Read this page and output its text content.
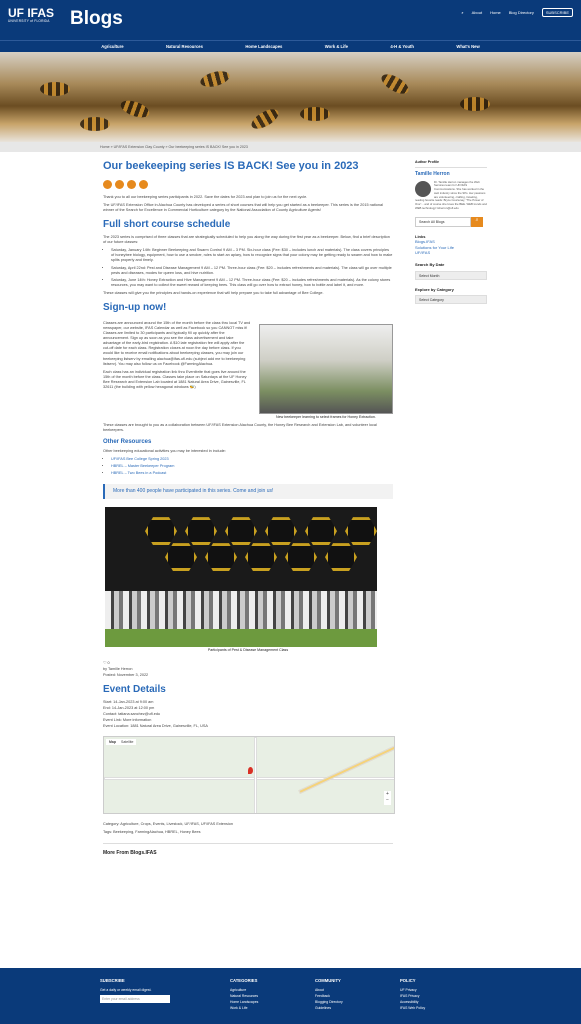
UF IFAS
UNIVERSITY of FLORIDA Blogs	⌕ About Home Blog Directory	SUBSCRIBE
Agriculture	Natural Resources	Home Landscapes	Work & Life	4-H & Youth	What's New
Home » UF/IFAS Extension Clay County » Our beekeeping series IS BACK! See you in 2023
Our beekeeping series IS BACK! See you in 2023

Thank you to all our beekeeping series participants in 2022. Save the dates for 2023 and plan to join us for the next cycle.

The UF/IFAS Extension Office in Alachua County has developed a series of short courses that will help you get started as a beekeeper. This series is the 2015 national winner of the Search for Excellence in Commercial Horticulture category by the National Association of County Agriculture Agents!

Full short course schedule

The 2023 series is comprised of three classes that are strategically scheduled to help you along the way during the first year as a beekeeper. Below, find a brief description of our future classes:

• Saturday, January 14th: Beginner Beekeeping and Swarm Control 9 AM – 3 PM. Six-hour class (Fee: $30 – includes lunch and materials). The class covers principles of honeybee biology, equipment, how to use a smoker, rules to start an apiary, how to recognize signs that your colony may be getting ready to swarm and how to make splits properly and timely.
• Saturday, April 22nd: Pest and Disease Management 9 AM – 12 PM. Three-hour class (Fee: $20 – includes refreshments and materials). The class will go over multiple pests and diseases, modes for queen loss, and hive nutrition.
• Saturday, June 14th: Honey Extraction and Hive Management 9 AM – 12 PM. Three-hour class (Fee: $20 – includes refreshments and materials). As the colony stores resources, you may want to collect the sweet reward of keeping bees. This class will go over how to extract honey, how to bottle and label it, and more.

These classes will give you the principles and hands-on experience that will help prepare you to take full advantage of Bee College.

Sign-up now!

Classes are announced around the 15th of the month before the class thru local TV and newspaper, our website, IFAS Calendar as well as Facebook so you CANNOT miss it! Classes are limited to 30 participants and typically fill up quickly after the announcement. Sign up as soon as you see the class advertisement and take advantage of the early-bird registration. A $10 late registration fee will apply after the cut-off date for each class. Registration closes at noon the day before class. If you would like to receive email notifications about beekeeping classes, you may join our beekeeping listserv by emailing alachua@ifas.ufl.edu (subject add me to beekeeping listserv). You may also follow us on Facebook @FarmingAlachua.

Each class has an individual registration link thru Eventbrite that goes live around the 15th of the month before the class. Classes take place on Saturdays at the UF Honey Bee Research and Extension Lab located at 1881 Natural Area Drive, Gainesville, FL 32611 (the building with yellow hexagonal windows 🐝)

New beekeeper learning to select frames for Honey Extraction.

These classes are brought to you as a collaboration between UF/IFAS Extension Alachua County, the Honey Bee Research and Extension Lab, and volunteer local beekeepers.

Other Resources

Other beekeeping educational activities you may be interested in include:

• UF/IFAS Bee College Spring 2023
• HBREL – Master Beekeeper Program
• HBREL – Two Bees in a Podcast
More than 400 people have participated in this series. Come and join us!
Participants of Pest & Disease Management Class
♡ 0
by Tamille Herron
Posted: November 3, 2022
Event Details
Start: 14-Jan-2023 at 9:00 am
End: 14-Jan-2023 at 12:00 pm
Contact: tatiana.sanchez@ufl.edu
Event Link: More information
Event Location: 1881 Natural Area Drive, Gainesville, FL, USA
Map Satellite
+
−

Category: Agriculture, Crops, Events, Livestock, UF/IFAS, UF/IFAS Extension

Tags: Beekeeping, FarmingAlachua, HBREL, Honey Bees

More From Blogs.IFAS
Author Profile
Tamille Herron
Dr. Tamille Herron manages the Web Services team for UF/IFAS Communications. She has worked in the web industry since the 90's. Her passions are volunteering, crafting, traveling, reading favorite reads: Bryce Courtenay, "The Power of One"... and of course she loves the BEE. WEB trends and WEB technology! tsherron@ufl.edu
Search All Blogs	⌕
Links
Blogs.IFAS
Solutions for Your Life
UF/IFAS
Search By Date
Select Month
Explore by Category
Select Category
SUBSCRIBE
Get a daily or weekly email digest.
Enter your email address
CATEGORIES
Agriculture
Natural Resources
Home Landscapes
Work & Life
COMMUNITY
About
Feedback
Blogging Directory
Guidelines
POLICY
UF Privacy
IFAS Privacy
Accessibility
IFAS Web Policy
